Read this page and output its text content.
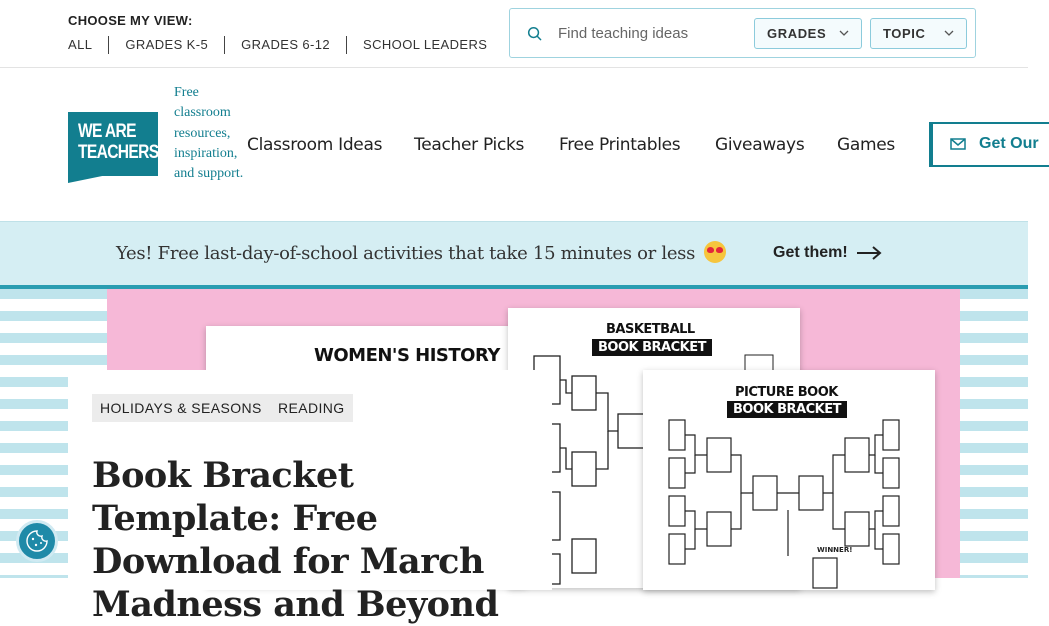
CHOOSE MY VIEW:
ALL	GRADES K-5	GRADES 6-12	SCHOOL LEADERS
Find teaching ideas
GRADES	TOPIC
WE ARE
TEACHERS
Free classroom resources, inspiration, and support.
Classroom Ideas Teacher Picks Free Printables Giveaways Games	Get Our
Yes! Free last-day-of-school activities that take 15 minutes or less	Get them!
WOMEN'S HISTORY
BASKETBALL
BOOK BRACKET
PICTURE BOOK
BOOK BRACKET
WINNER!
HOLIDAYS & SEASONS	READING
Book Bracket Template: Free Download for March Madness and Beyond
